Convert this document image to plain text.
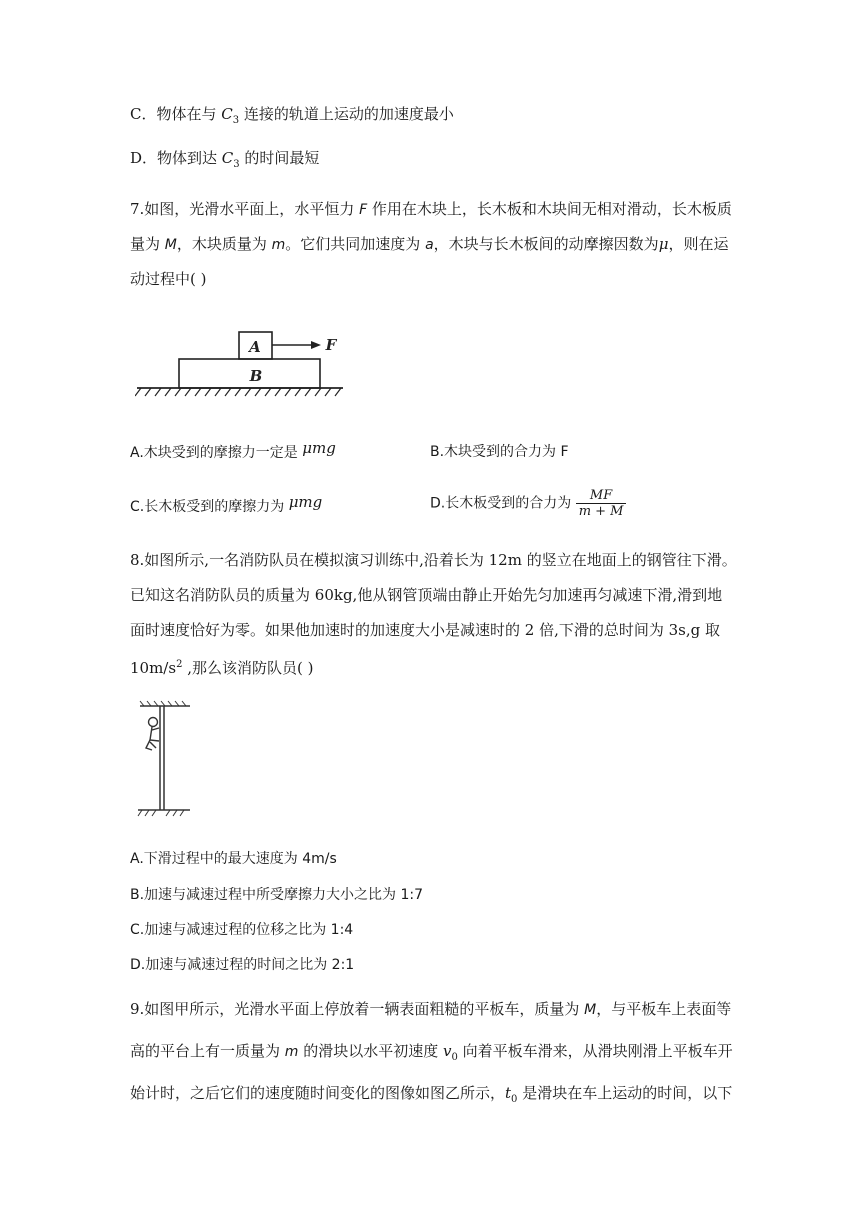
C．物体在与 $C_3$ 连接的轨道上运动的加速度最小
D．物体到达 $C_3$ 的时间最短
7.如图，光滑水平面上，水平恒力 F 作用在木块上，长木板和木块间无相对滑动，长木板质
量为 M，木块质量为 m。它们共同加速度为 a，木块与长木板间的动摩擦因数为μ，则在运
动过程中( )
A
B
F
A.木块受到的摩擦力一定是 μmg	B.木块受到的合力为 F
C.长木板受到的摩擦力为 μmg	D.长木板受到的合力为 $\frac{MF}{m + M}$
8.如图所示,一名消防队员在模拟演习训练中,沿着长为 12m 的竖立在地面上的钢管往下滑。
已知这名消防队员的质量为 60kg,他从钢管顶端由静止开始先匀加速再匀减速下滑,滑到地
面时速度恰好为零。如果他加速时的加速度大小是减速时的 2 倍,下滑的总时间为 3s,g 取
$10m/s^2$ ,那么该消防队员( )
A.下滑过程中的最大速度为 4m/s
B.加速与减速过程中所受摩擦力大小之比为 1:7
C.加速与减速过程的位移之比为 1:4
D.加速与减速过程的时间之比为 2:1
9.如图甲所示，光滑水平面上停放着一辆表面粗糙的平板车，质量为 M，与平板车上表面等
高的平台上有一质量为 m 的滑块以水平初速度 $v_0$ 向着平板车滑来，从滑块刚滑上平板车开
始计时，之后它们的速度随时间变化的图像如图乙所示，$t_0$ 是滑块在车上运动的时间，以下
